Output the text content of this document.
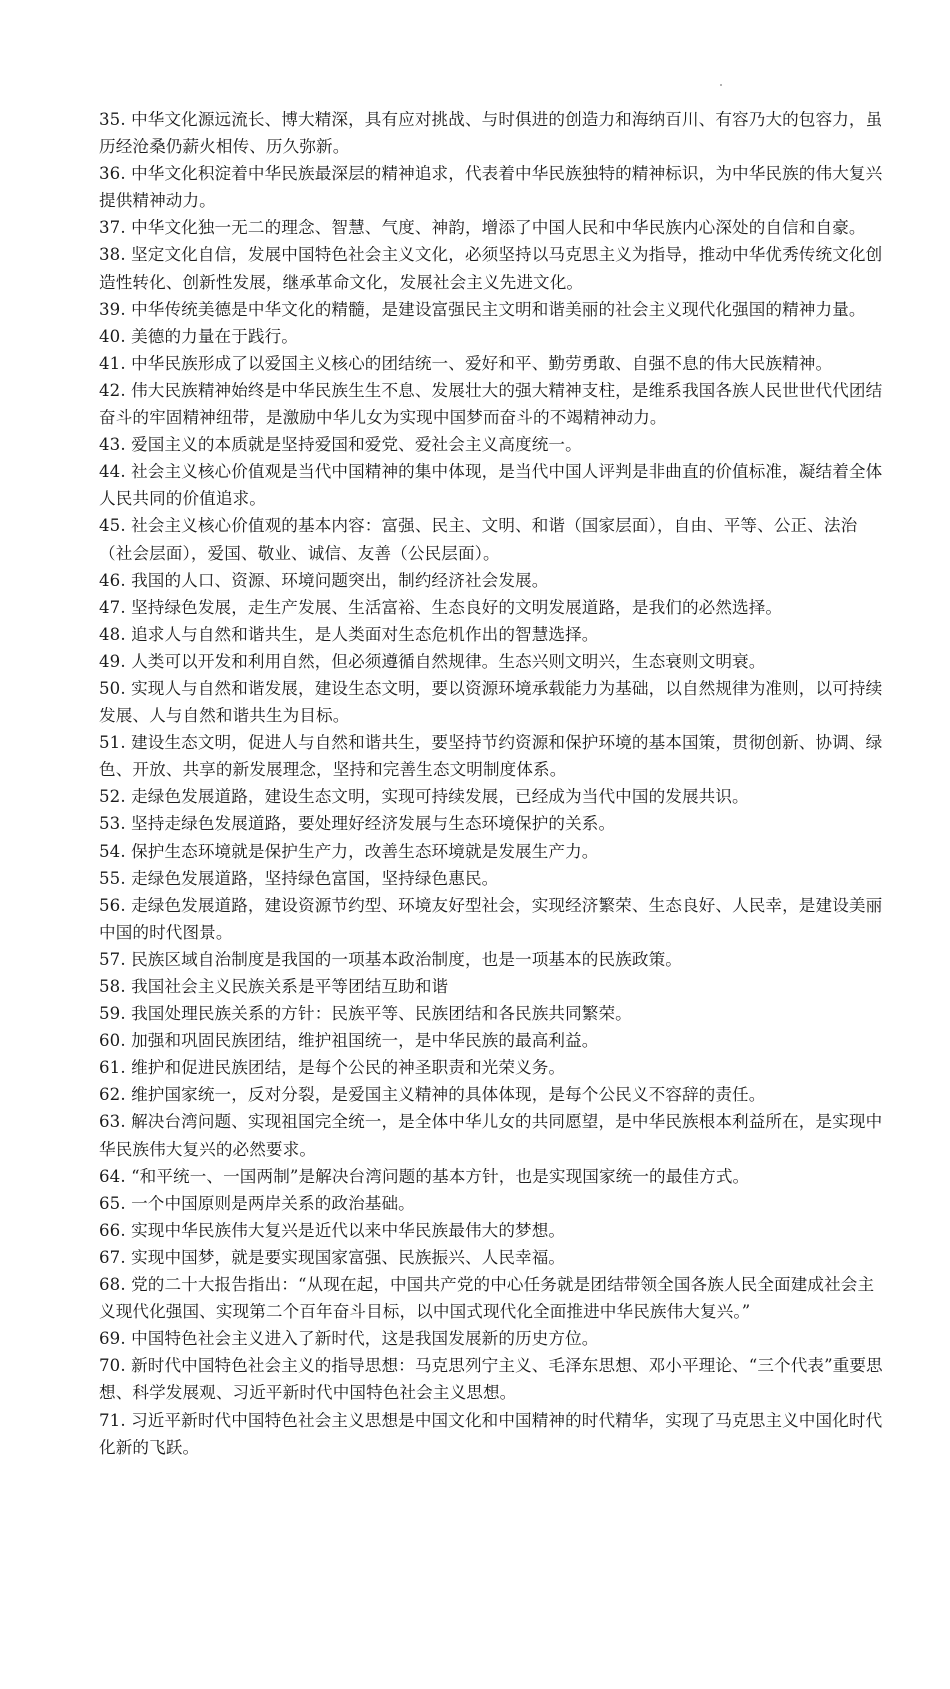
35. 中华文化源远流长、博大精深，具有应对挑战、与时俱进的创造力和海纳百川、有容乃大的包容力，虽历经沧桑仍薪火相传、历久弥新。

36. 中华文化积淀着中华民族最深层的精神追求，代表着中华民族独特的精神标识，为中华民族的伟大复兴提供精神动力。

37. 中华文化独一无二的理念、智慧、气度、神韵，增添了中国人民和中华民族内心深处的自信和自豪。

38. 坚定文化自信，发展中国特色社会主义文化，必须坚持以马克思主义为指导，推动中华优秀传统文化创造性转化、创新性发展，继承革命文化，发展社会主义先进文化。

39. 中华传统美德是中华文化的精髓，是建设富强民主文明和谐美丽的社会主义现代化强国的精神力量。

40. 美德的力量在于践行。

41. 中华民族形成了以爱国主义核心的团结统一、爱好和平、勤劳勇敢、自强不息的伟大民族精神。

42. 伟大民族精神始终是中华民族生生不息、发展壮大的强大精神支柱，是维系我国各族人民世世代代团结奋斗的牢固精神纽带，是激励中华儿女为实现中国梦而奋斗的不竭精神动力。

43. 爱国主义的本质就是坚持爱国和爱党、爱社会主义高度统一。

44. 社会主义核心价值观是当代中国精神的集中体现，是当代中国人评判是非曲直的价值标准，凝结着全体人民共同的价值追求。

45. 社会主义核心价值观的基本内容：富强、民主、文明、和谐（国家层面），自由、平等、公正、法治（社会层面），爱国、敬业、诚信、友善（公民层面）。

46. 我国的人口、资源、环境问题突出，制约经济社会发展。

47. 坚持绿色发展，走生产发展、生活富裕、生态良好的文明发展道路，是我们的必然选择。

48. 追求人与自然和谐共生，是人类面对生态危机作出的智慧选择。

49. 人类可以开发和利用自然，但必须遵循自然规律。生态兴则文明兴，生态衰则文明衰。

50. 实现人与自然和谐发展，建设生态文明，要以资源环境承载能力为基础，以自然规律为准则，以可持续发展、人与自然和谐共生为目标。

51. 建设生态文明，促进人与自然和谐共生，要坚持节约资源和保护环境的基本国策，贯彻创新、协调、绿色、开放、共享的新发展理念，坚持和完善生态文明制度体系。

52. 走绿色发展道路，建设生态文明，实现可持续发展，已经成为当代中国的发展共识。

53. 坚持走绿色发展道路，要处理好经济发展与生态环境保护的关系。

54. 保护生态环境就是保护生产力，改善生态环境就是发展生产力。

55. 走绿色发展道路，坚持绿色富国，坚持绿色惠民。

56. 走绿色发展道路，建设资源节约型、环境友好型社会，实现经济繁荣、生态良好、人民幸，是建设美丽中国的时代图景。

57. 民族区域自治制度是我国的一项基本政治制度，也是一项基本的民族政策。

58. 我国社会主义民族关系是平等团结互助和谐

59. 我国处理民族关系的方针：民族平等、民族团结和各民族共同繁荣。

60. 加强和巩固民族团结，维护祖国统一，是中华民族的最高利益。

61. 维护和促进民族团结，是每个公民的神圣职责和光荣义务。

62. 维护国家统一，反对分裂，是爱国主义精神的具体体现，是每个公民义不容辞的责任。

63. 解决台湾问题、实现祖国完全统一，是全体中华儿女的共同愿望，是中华民族根本利益所在，是实现中华民族伟大复兴的必然要求。

64. “和平统一、一国两制”是解决台湾问题的基本方针，也是实现国家统一的最佳方式。

65. 一个中国原则是两岸关系的政治基础。

66. 实现中华民族伟大复兴是近代以来中华民族最伟大的梦想。

67. 实现中国梦，就是要实现国家富强、民族振兴、人民幸福。

68. 党的二十大报告指出：“从现在起，中国共产党的中心任务就是团结带领全国各族人民全面建成社会主义现代化强国、实现第二个百年奋斗目标，以中国式现代化全面推进中华民族伟大复兴。”

69. 中国特色社会主义进入了新时代，这是我国发展新的历史方位。

70. 新时代中国特色社会主义的指导思想：马克思列宁主义、毛泽东思想、邓小平理论、“三个代表”重要思想、科学发展观、习近平新时代中国特色社会主义思想。

71. 习近平新时代中国特色社会主义思想是中国文化和中国精神的时代精华，实现了马克思主义中国化时代化新的飞跃。
